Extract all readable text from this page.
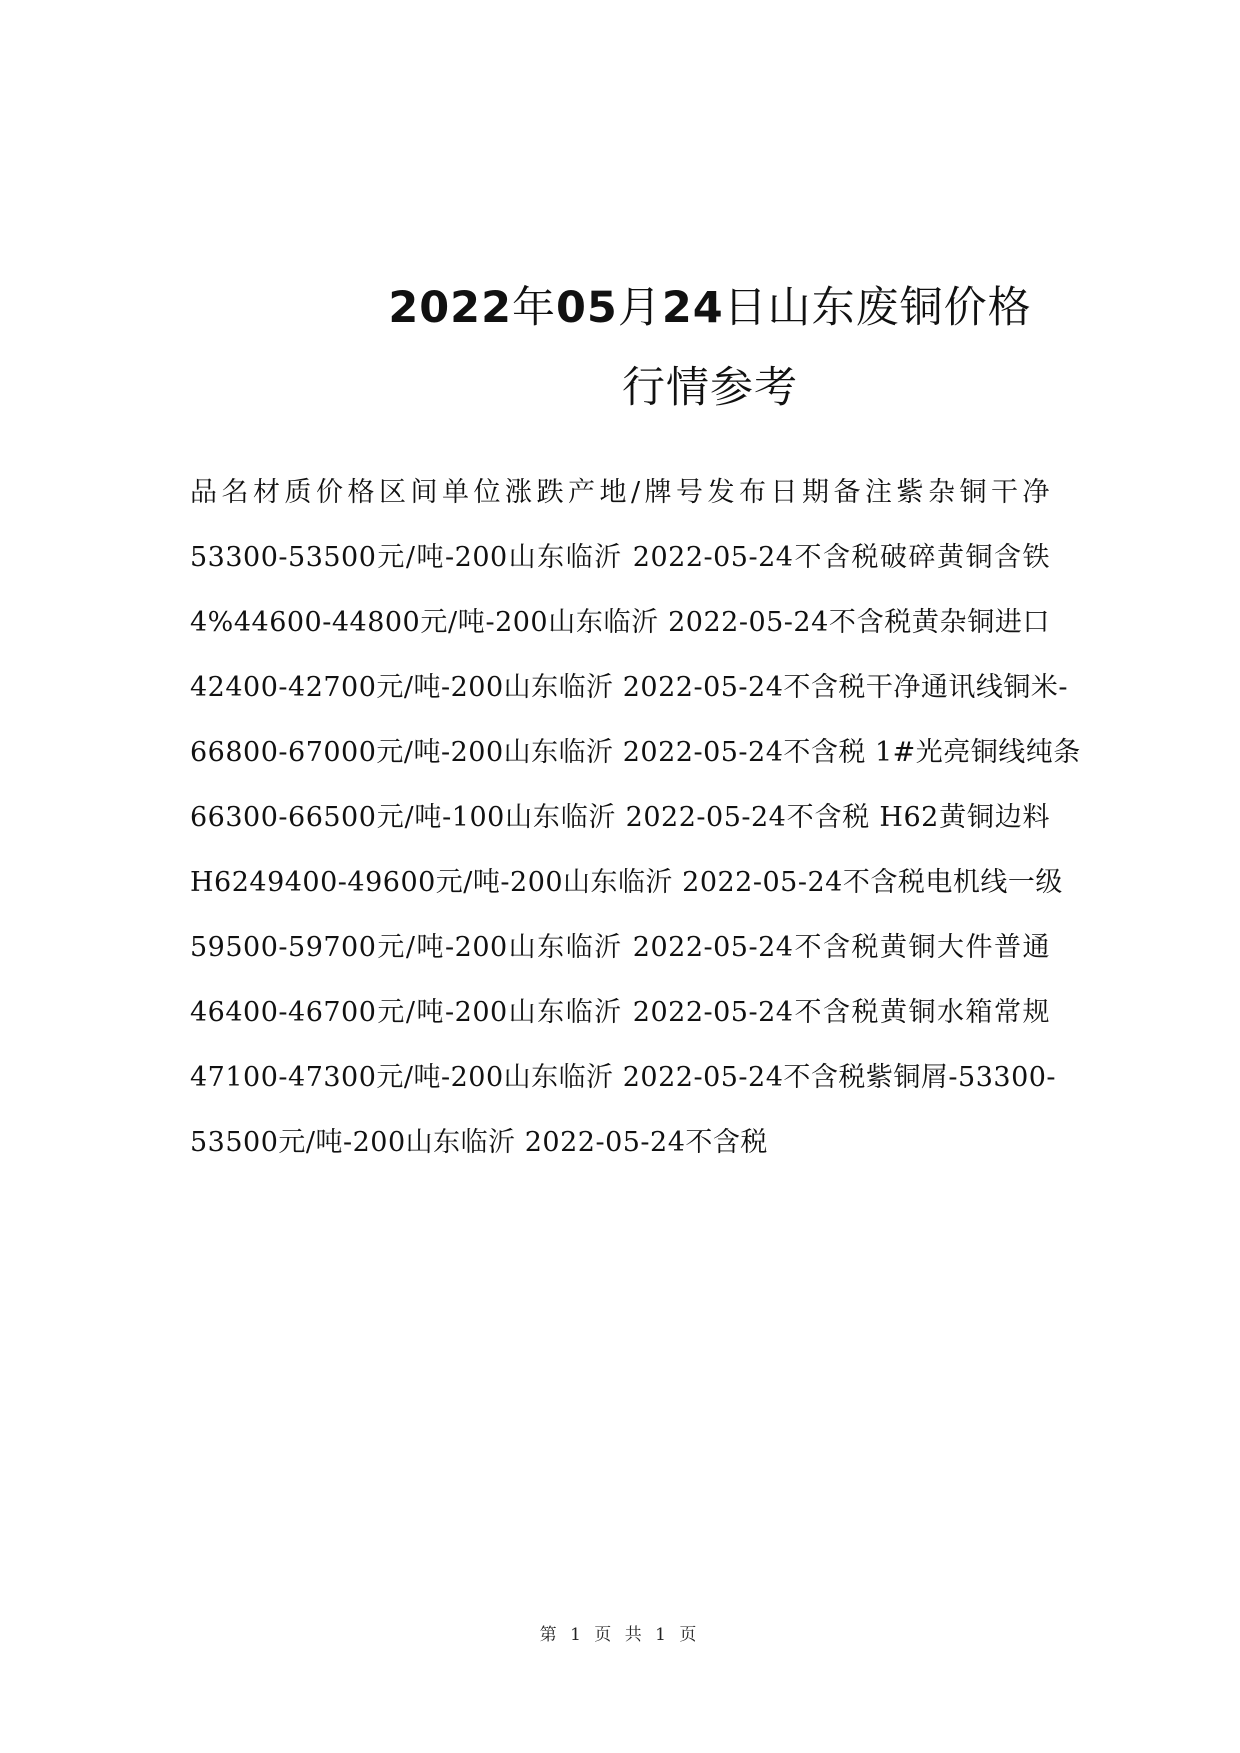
2022年05月24日山东废铜价格
行情参考
品名材质价格区间单位涨跌产地/牌号发布日期备注紫杂铜干净
53300-53500元/吨-200山东临沂 2022-05-24不含税破碎黄铜含铁
4%44600-44800元/吨-200山东临沂 2022-05-24不含税黄杂铜进口
42400-42700元/吨-200山东临沂 2022-05-24不含税干净通讯线铜米-
66800-67000元/吨-200山东临沂 2022-05-24不含税 1#光亮铜线纯条
66300-66500元/吨-100山东临沂 2022-05-24不含税 H62黄铜边料
H6249400-49600元/吨-200山东临沂 2022-05-24不含税电机线一级
59500-59700元/吨-200山东临沂 2022-05-24不含税黄铜大件普通
46400-46700元/吨-200山东临沂 2022-05-24不含税黄铜水箱常规
47100-47300元/吨-200山东临沂 2022-05-24不含税紫铜屑-53300-
53500元/吨-200山东临沂 2022-05-24不含税
第 1 页 共 1 页
